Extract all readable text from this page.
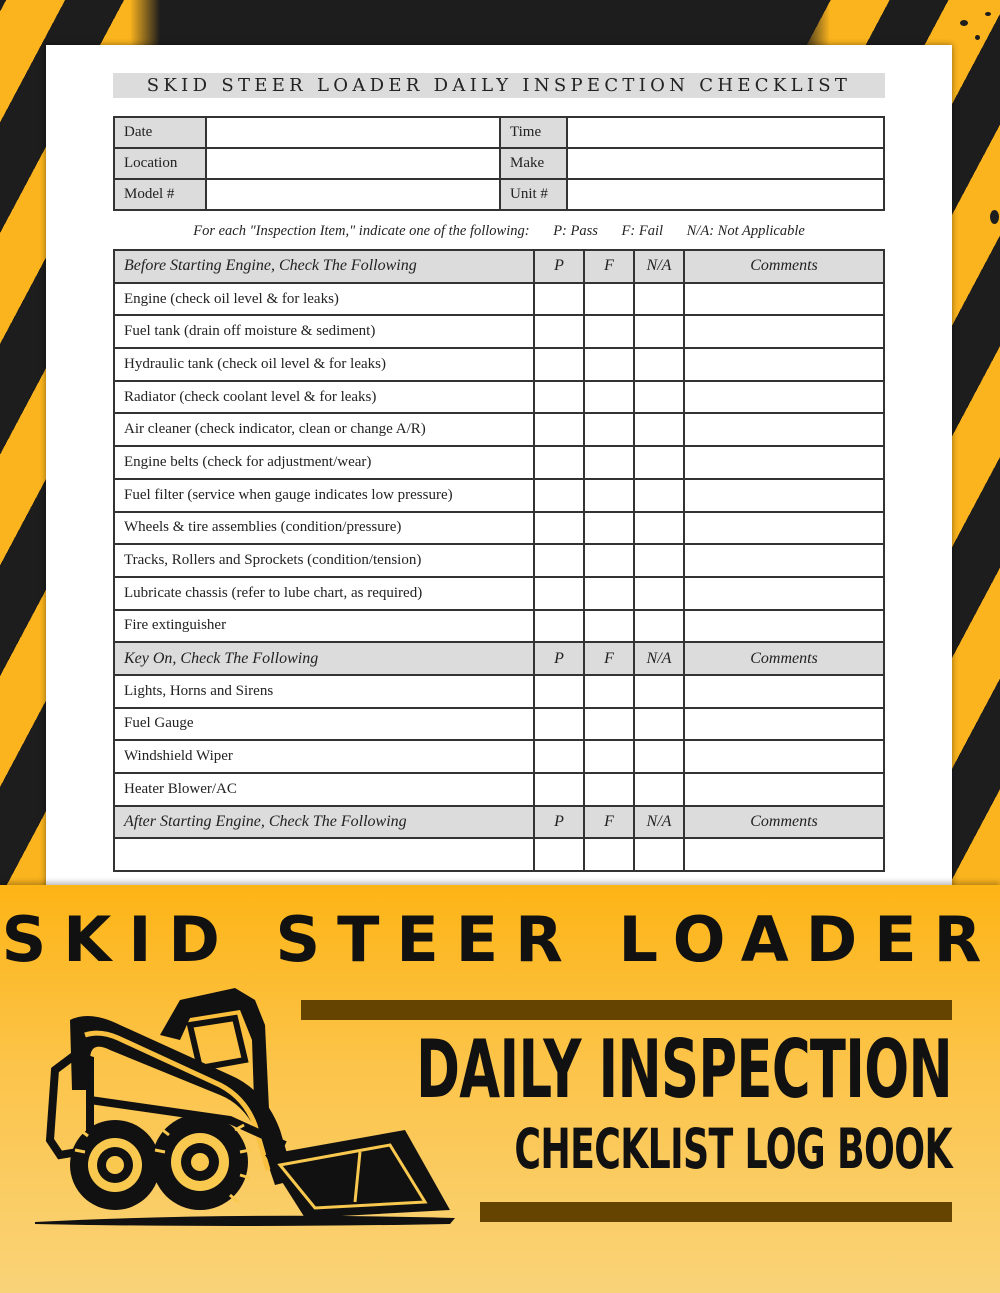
SKID STEER LOADER DAILY INSPECTION CHECKLIST
Date		Time	
Location		Make	
Model #		Unit #	
For each "Inspection Item," indicate one of the following: P: Pass F: Fail N/A: Not Applicable
Before Starting Engine, Check The Following	P	F	N/A	Comments
Engine (check oil level & for leaks)				
Fuel tank (drain off moisture & sediment)				
Hydraulic tank (check oil level & for leaks)				
Radiator (check coolant level & for leaks)				
Air cleaner (check indicator, clean or change A/R)				
Engine belts (check for adjustment/wear)				
Fuel filter (service when gauge indicates low pressure)				
Wheels & tire assemblies (condition/pressure)				
Tracks, Rollers and Sprockets (condition/tension)				
Lubricate chassis (refer to lube chart, as required)				
Fire extinguisher				
Key On, Check The Following	P	F	N/A	Comments
Lights, Horns and Sirens				
Fuel Gauge				
Windshield Wiper				
Heater Blower/AC				
After Starting Engine, Check The Following	P	F	N/A	Comments

SKID STEER LOADER
DAILY INSPECTION
CHECKLIST LOG BOOK
